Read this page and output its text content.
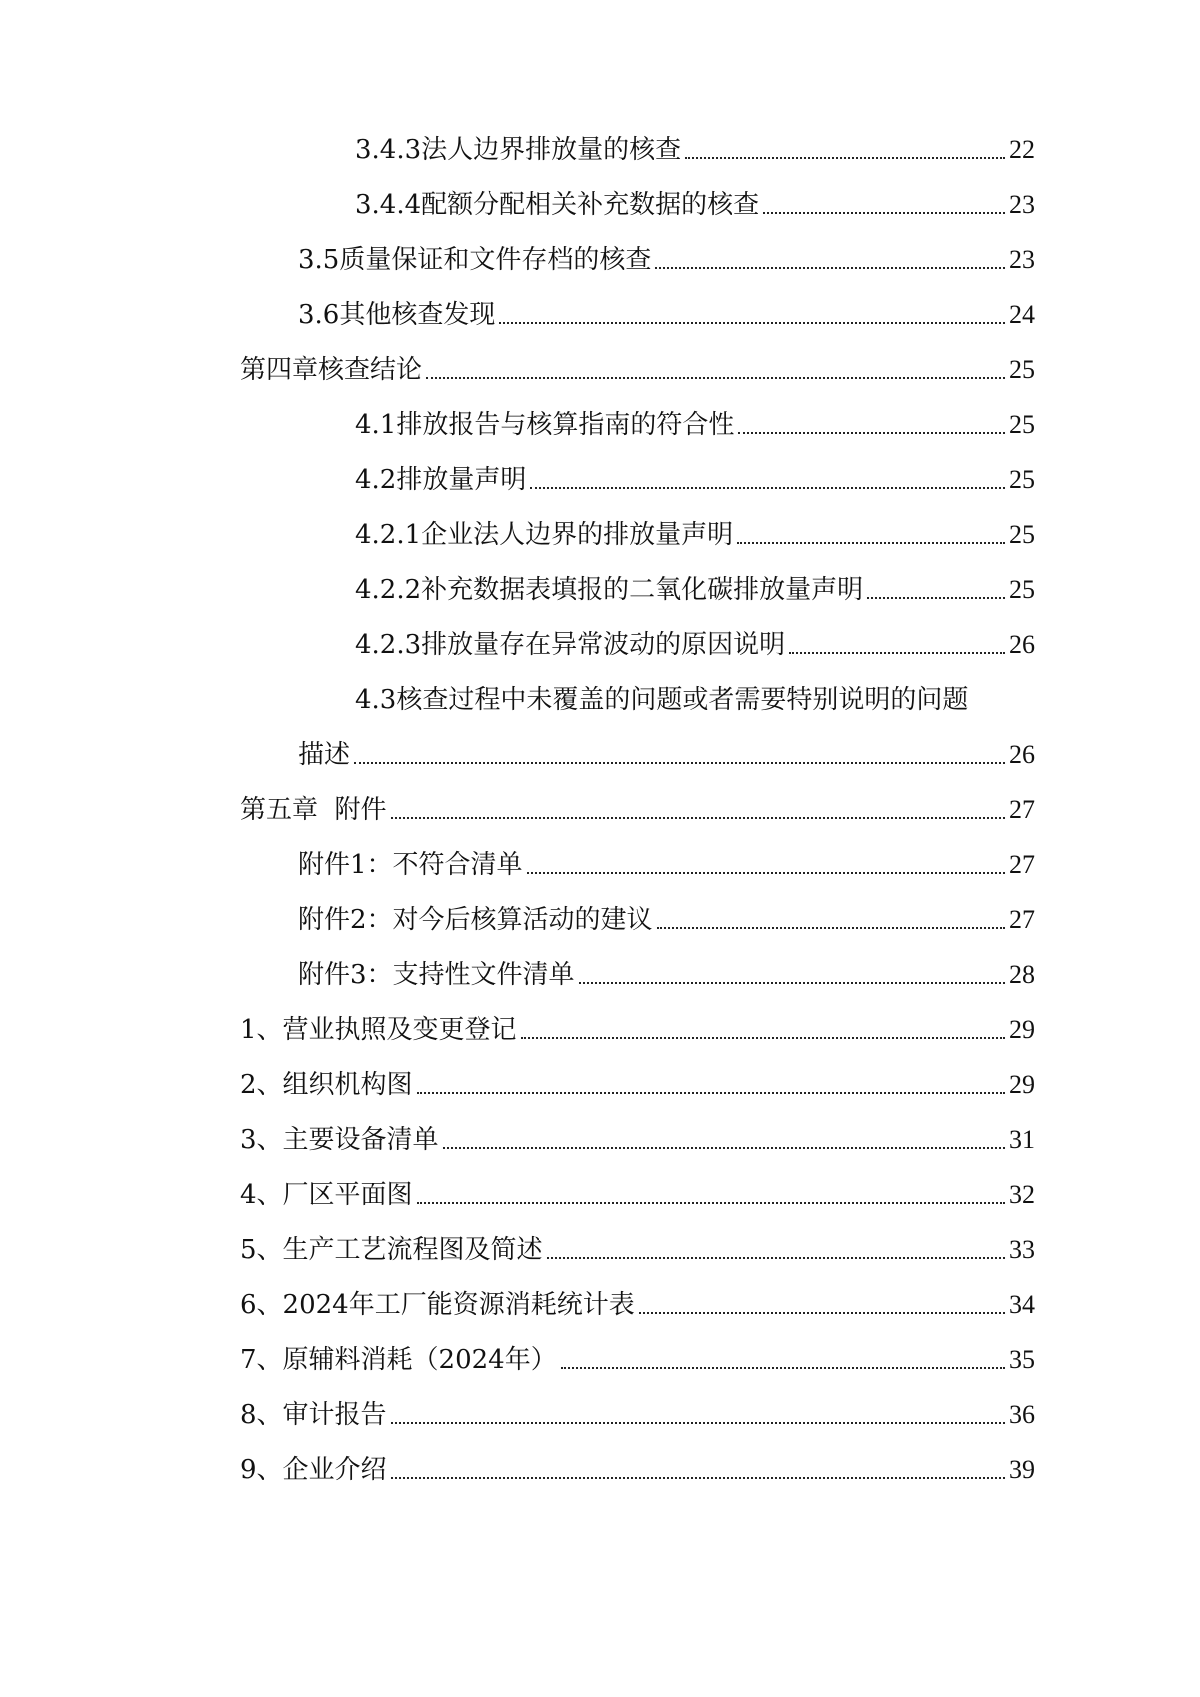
3.4.3法人边界排放量的核查	22
3.4.4配额分配相关补充数据的核查	23
3.5质量保证和文件存档的核查	23
3.6其他核查发现	24
第四章核查结论	25
4.1排放报告与核算指南的符合性	25
4.2排放量声明	25
4.2.1企业法人边界的排放量声明	25
4.2.2补充数据表填报的二氧化碳排放量声明	25
4.2.3排放量存在异常波动的原因说明	26
4.3核查过程中未覆盖的问题或者需要特别说明的问题
描述	26
第五章  附件	27
附件1：不符合清单	27
附件2：对今后核算活动的建议	27
附件3：支持性文件清单	28
1、营业执照及变更登记	29
2、组织机构图	29
3、主要设备清单	31
4、厂区平面图	32
5、生产工艺流程图及简述	33
6、2024年工厂能资源消耗统计表	34
7、原辅料消耗（2024年）	35
8、审计报告	36
9、企业介绍	39
